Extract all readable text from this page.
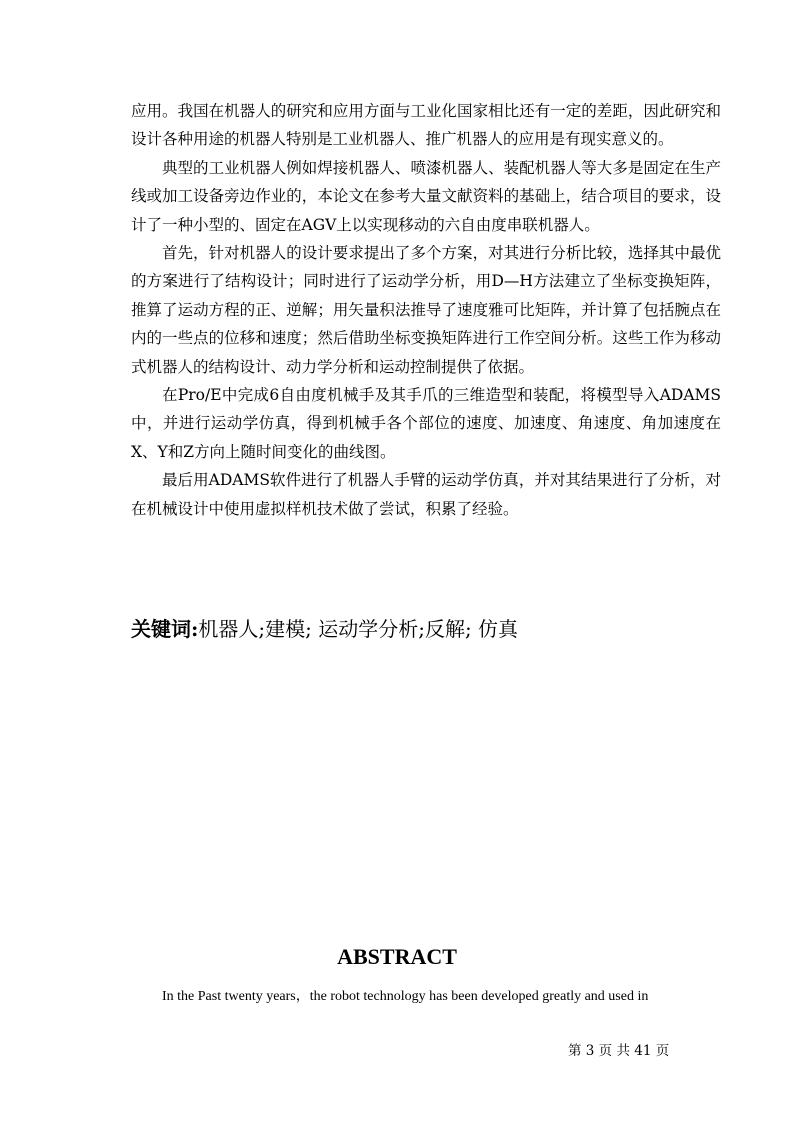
应用。我国在机器人的研究和应用方面与工业化国家相比还有一定的差距，因此研究和设计各种用途的机器人特别是工业机器人、推广机器人的应用是有现实意义的。

典型的工业机器人例如焊接机器人、喷漆机器人、装配机器人等大多是固定在生产线或加工设备旁边作业的，本论文在参考大量文献资料的基础上，结合项目的要求，设计了一种小型的、固定在AGV上以实现移动的六自由度串联机器人。

首先，针对机器人的设计要求提出了多个方案，对其进行分析比较，选择其中最优的方案进行了结构设计；同时进行了运动学分析，用D—H方法建立了坐标变换矩阵，推算了运动方程的正、逆解；用矢量积法推导了速度雅可比矩阵，并计算了包括腕点在内的一些点的位移和速度；然后借助坐标变换矩阵进行工作空间分析。这些工作为移动式机器人的结构设计、动力学分析和运动控制提供了依据。

在Pro/E中完成6自由度机械手及其手爪的三维造型和装配，将模型导入ADAMS中，并进行运动学仿真，得到机械手各个部位的速度、加速度、角速度、角加速度在X、Y和Z方向上随时间变化的曲线图。

最后用ADAMS软件进行了机器人手臂的运动学仿真，并对其结果进行了分析，对在机械设计中使用虚拟样机技术做了尝试，积累了经验。

关键词:机器人;建模; 运动学分析;反解; 仿真
ABSTRACT
In the Past twenty years，the robot technology has been developed greatly and used in
第 3 页 共 41 页
